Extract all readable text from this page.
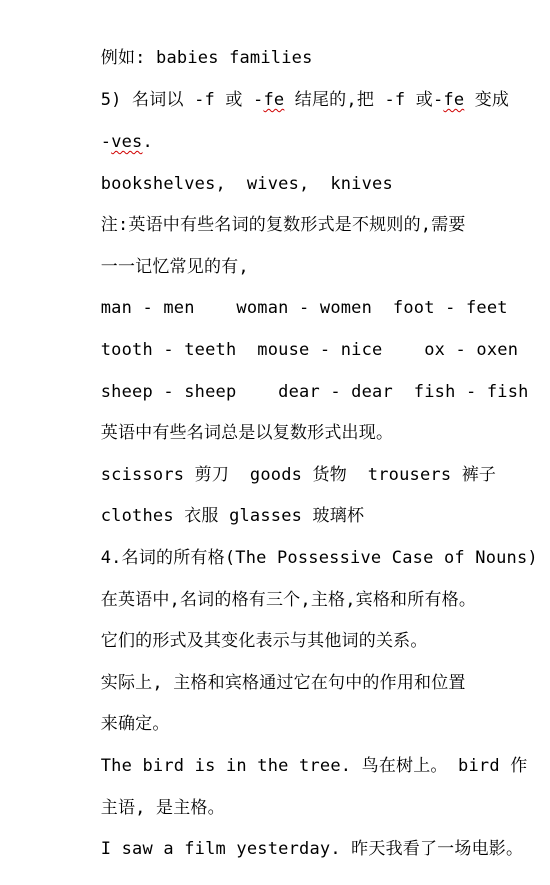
例如: babies families

5) 名词以 -f 或 -fe 结尾的,把 -f 或-fe 变成

-ves.

bookshelves,  wives,  knives

注:英语中有些名词的复数形式是不规则的,需要

一一记忆常见的有,

man - men    woman - women  foot - feet

tooth - teeth  mouse - nice    ox - oxen

sheep - sheep    dear - dear  fish - fish

英语中有些名词总是以复数形式出现。

scissors 剪刀  goods 货物  trousers 裤子

clothes 衣服 glasses 玻璃杯

4.名词的所有格(The Possessive Case of Nouns)

在英语中,名词的格有三个,主格,宾格和所有格。

它们的形式及其变化表示与其他词的关系。

实际上, 主格和宾格通过它在句中的作用和位置

来确定。

The bird is in the tree. 鸟在树上。 bird 作

主语, 是主格。

I saw a film yesterday. 昨天我看了一场电影。
